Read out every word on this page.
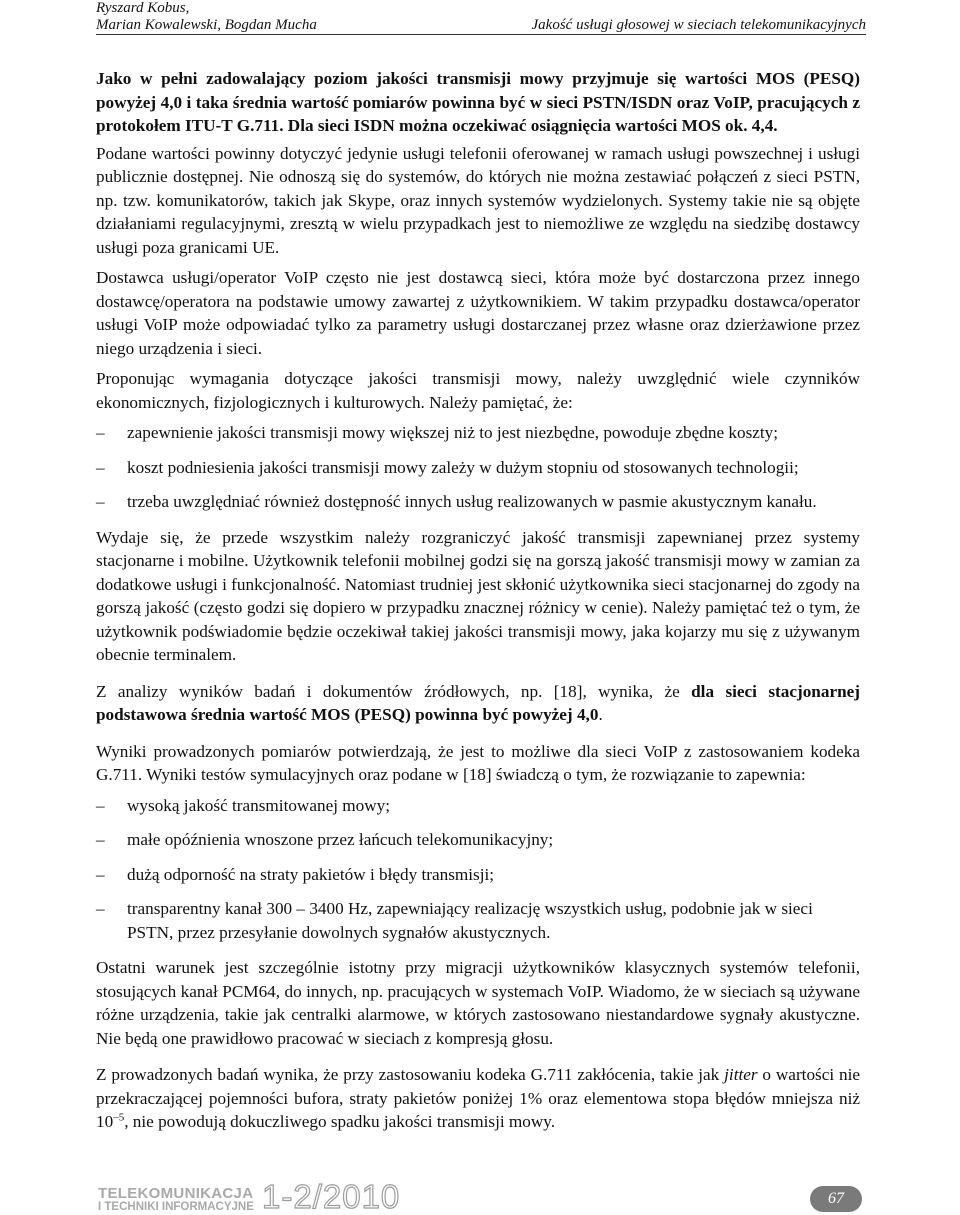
Ryszard Kobus,
Marian Kowalewski, Bogdan Mucha	Jakość usługi głosowej w sieciach telekomunikacyjnych

Jako w pełni zadowalający poziom jakości transmisji mowy przyjmuje się wartości MOS (PESQ) powyżej 4,0 i taka średnia wartość pomiarów powinna być w sieci PSTN/ISDN oraz VoIP, pracujących z protokołem ITU-T G.711. Dla sieci ISDN można oczekiwać osiągnięcia wartości MOS ok. 4,4.

Podane wartości powinny dotyczyć jedynie usługi telefonii oferowanej w ramach usługi powszechnej i usługi publicznie dostępnej. Nie odnoszą się do systemów, do których nie można zestawiać połączeń z sieci PSTN, np. tzw. komunikatorów, takich jak Skype, oraz innych systemów wydzielonych. Systemy takie nie są objęte działaniami regulacyjnymi, zresztą w wielu przypadkach jest to niemożliwe ze względu na siedzibę dostawcy usługi poza granicami UE.

Dostawca usługi/operator VoIP często nie jest dostawcą sieci, która może być dostarczona przez innego dostawcę/operatora na podstawie umowy zawartej z użytkownikiem. W takim przypadku dostawca/operator usługi VoIP może odpowiadać tylko za parametry usługi dostarczanej przez własne oraz dzierżawione przez niego urządzenia i sieci.

Proponując wymagania dotyczące jakości transmisji mowy, należy uwzględnić wiele czynników ekonomicznych, fizjologicznych i kulturowych. Należy pamiętać, że:

– zapewnienie jakości transmisji mowy większej niż to jest niezbędne, powoduje zbędne koszty;
– koszt podniesienia jakości transmisji mowy zależy w dużym stopniu od stosowanych technologii;
– trzeba uwzględniać również dostępność innych usług realizowanych w pasmie akustycznym kanału.

Wydaje się, że przede wszystkim należy rozgraniczyć jakość transmisji zapewnianej przez systemy stacjonarne i mobilne. Użytkownik telefonii mobilnej godzi się na gorszą jakość transmisji mowy w zamian za dodatkowe usługi i funkcjonalność. Natomiast trudniej jest skłonić użytkownika sieci stacjonarnej do zgody na gorszą jakość (często godzi się dopiero w przypadku znacznej różnicy w cenie). Należy pamiętać też o tym, że użytkownik podświadomie będzie oczekiwał takiej jakości transmisji mowy, jaka kojarzy mu się z używanym obecnie terminalem.

Z analizy wyników badań i dokumentów źródłowych, np. [18], wynika, że dla sieci stacjonarnej podstawowa średnia wartość MOS (PESQ) powinna być powyżej 4,0.

Wyniki prowadzonych pomiarów potwierdzają, że jest to możliwe dla sieci VoIP z zastosowaniem kodeka G.711. Wyniki testów symulacyjnych oraz podane w [18] świadczą o tym, że rozwiązanie to zapewnia:

– wysoką jakość transmitowanej mowy;
– małe opóźnienia wnoszone przez łańcuch telekomunikacyjny;
– dużą odporność na straty pakietów i błędy transmisji;
– transparentny kanał 300 – 3400 Hz, zapewniający realizację wszystkich usług, podobnie jak w sieci PSTN, przez przesyłanie dowolnych sygnałów akustycznych.

Ostatni warunek jest szczególnie istotny przy migracji użytkowników klasycznych systemów telefonii, stosujących kanał PCM64, do innych, np. pracujących w systemach VoIP. Wiadomo, że w sieciach są używane różne urządzenia, takie jak centralki alarmowe, w których zastosowano niestandardowe sygnały akustyczne. Nie będą one prawidłowo pracować w sieciach z kompresją głosu.

Z prowadzonych badań wynika, że przy zastosowaniu kodeka G.711 zakłócenia, takie jak jitter o wartości nie przekraczającej pojemności bufora, straty pakietów poniżej 1% oraz elementowa stopa błędów mniejsza niż $10^{-5}$, nie powodują dokuczliwego spadku jakości transmisji mowy.

TELEKOMUNIKACJA
I TECHNIKI INFORMACYJNE 1-2/2010	67
